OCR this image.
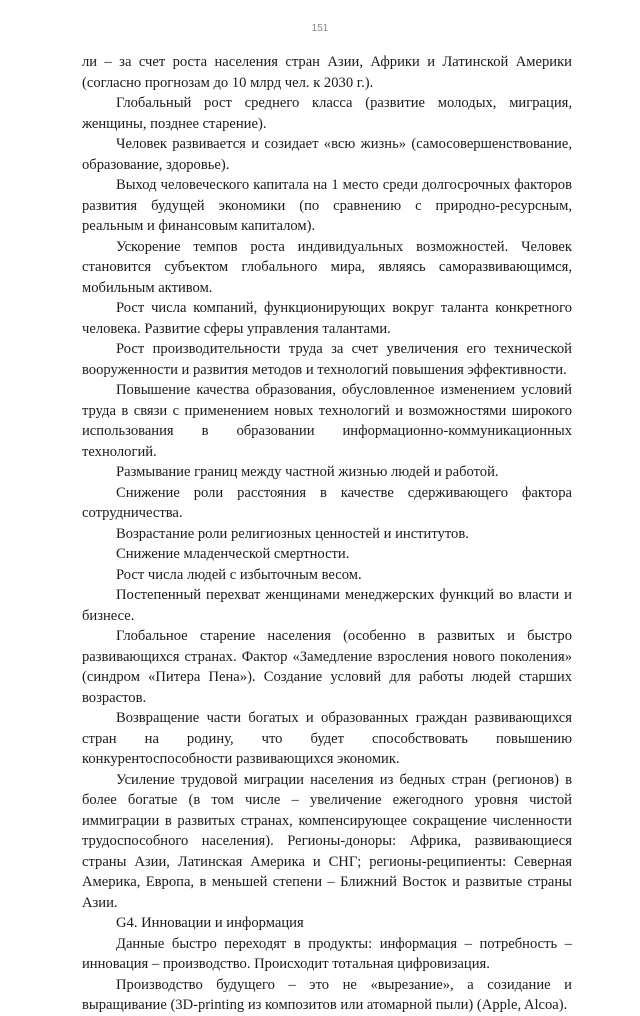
151

ли – за счет роста населения стран Азии, Африки и Латинской Америки (согласно прогнозам до 10 млрд чел. к 2030 г.).

Глобальный рост среднего класса (развитие молодых, миграция, женщины, позднее старение).

Человек развивается и созидает «всю жизнь» (самосовершенствование, образование, здоровье).

Выход человеческого капитала на 1 место среди долгосрочных факторов развития будущей экономики (по сравнению с природно-ресурсным, реальным и финансовым капиталом).

Ускорение темпов роста индивидуальных возможностей. Человек становится субъектом глобального мира, являясь саморазвивающимся, мобильным активом.

Рост числа компаний, функционирующих вокруг таланта конкретного человека. Развитие сферы управления талантами.

Рост производительности труда за счет увеличения его технической вооруженности и развития методов и технологий повышения эффективности.

Повышение качества образования, обусловленное изменением условий труда в связи с применением новых технологий и возможностями широкого использования в образовании информационно-коммуникационных технологий.

Размывание границ между частной жизнью людей и работой.

Снижение роли расстояния в качестве сдерживающего фактора сотрудничества.

Возрастание роли религиозных ценностей и институтов.

Снижение младенческой смертности.

Рост числа людей с избыточным весом.

Постепенный перехват женщинами менеджерских функций во власти и бизнесе.

Глобальное старение населения (особенно в развитых и быстро развивающихся странах. Фактор «Замедление взросления нового поколения» (синдром «Питера Пена»). Создание условий для работы людей старших возрастов.

Возвращение части богатых и образованных граждан развивающихся стран на родину, что будет способствовать повышению конкурентоспособности развивающихся экономик.

Усиление трудовой миграции населения из бедных стран (регионов) в более богатые (в том числе – увеличение ежегодного уровня чистой иммиграции в развитых странах, компенсирующее сокращение численности трудоспособного населения). Регионы-доноры: Африка, развивающиеся страны Азии, Латинская Америка и СНГ; регионы-реципиенты: Северная Америка, Европа, в меньшей степени – Ближний Восток и развитые страны Азии.

G4. Инновации и информация

Данные быстро переходят в продукты: информация – потребность – инновация – производство. Происходит тотальная цифровизация.

Производство будущего – это не «вырезание», а созидание и выращивание (3D-printing из композитов или атомарной пыли) (Apple, Alcoa).
